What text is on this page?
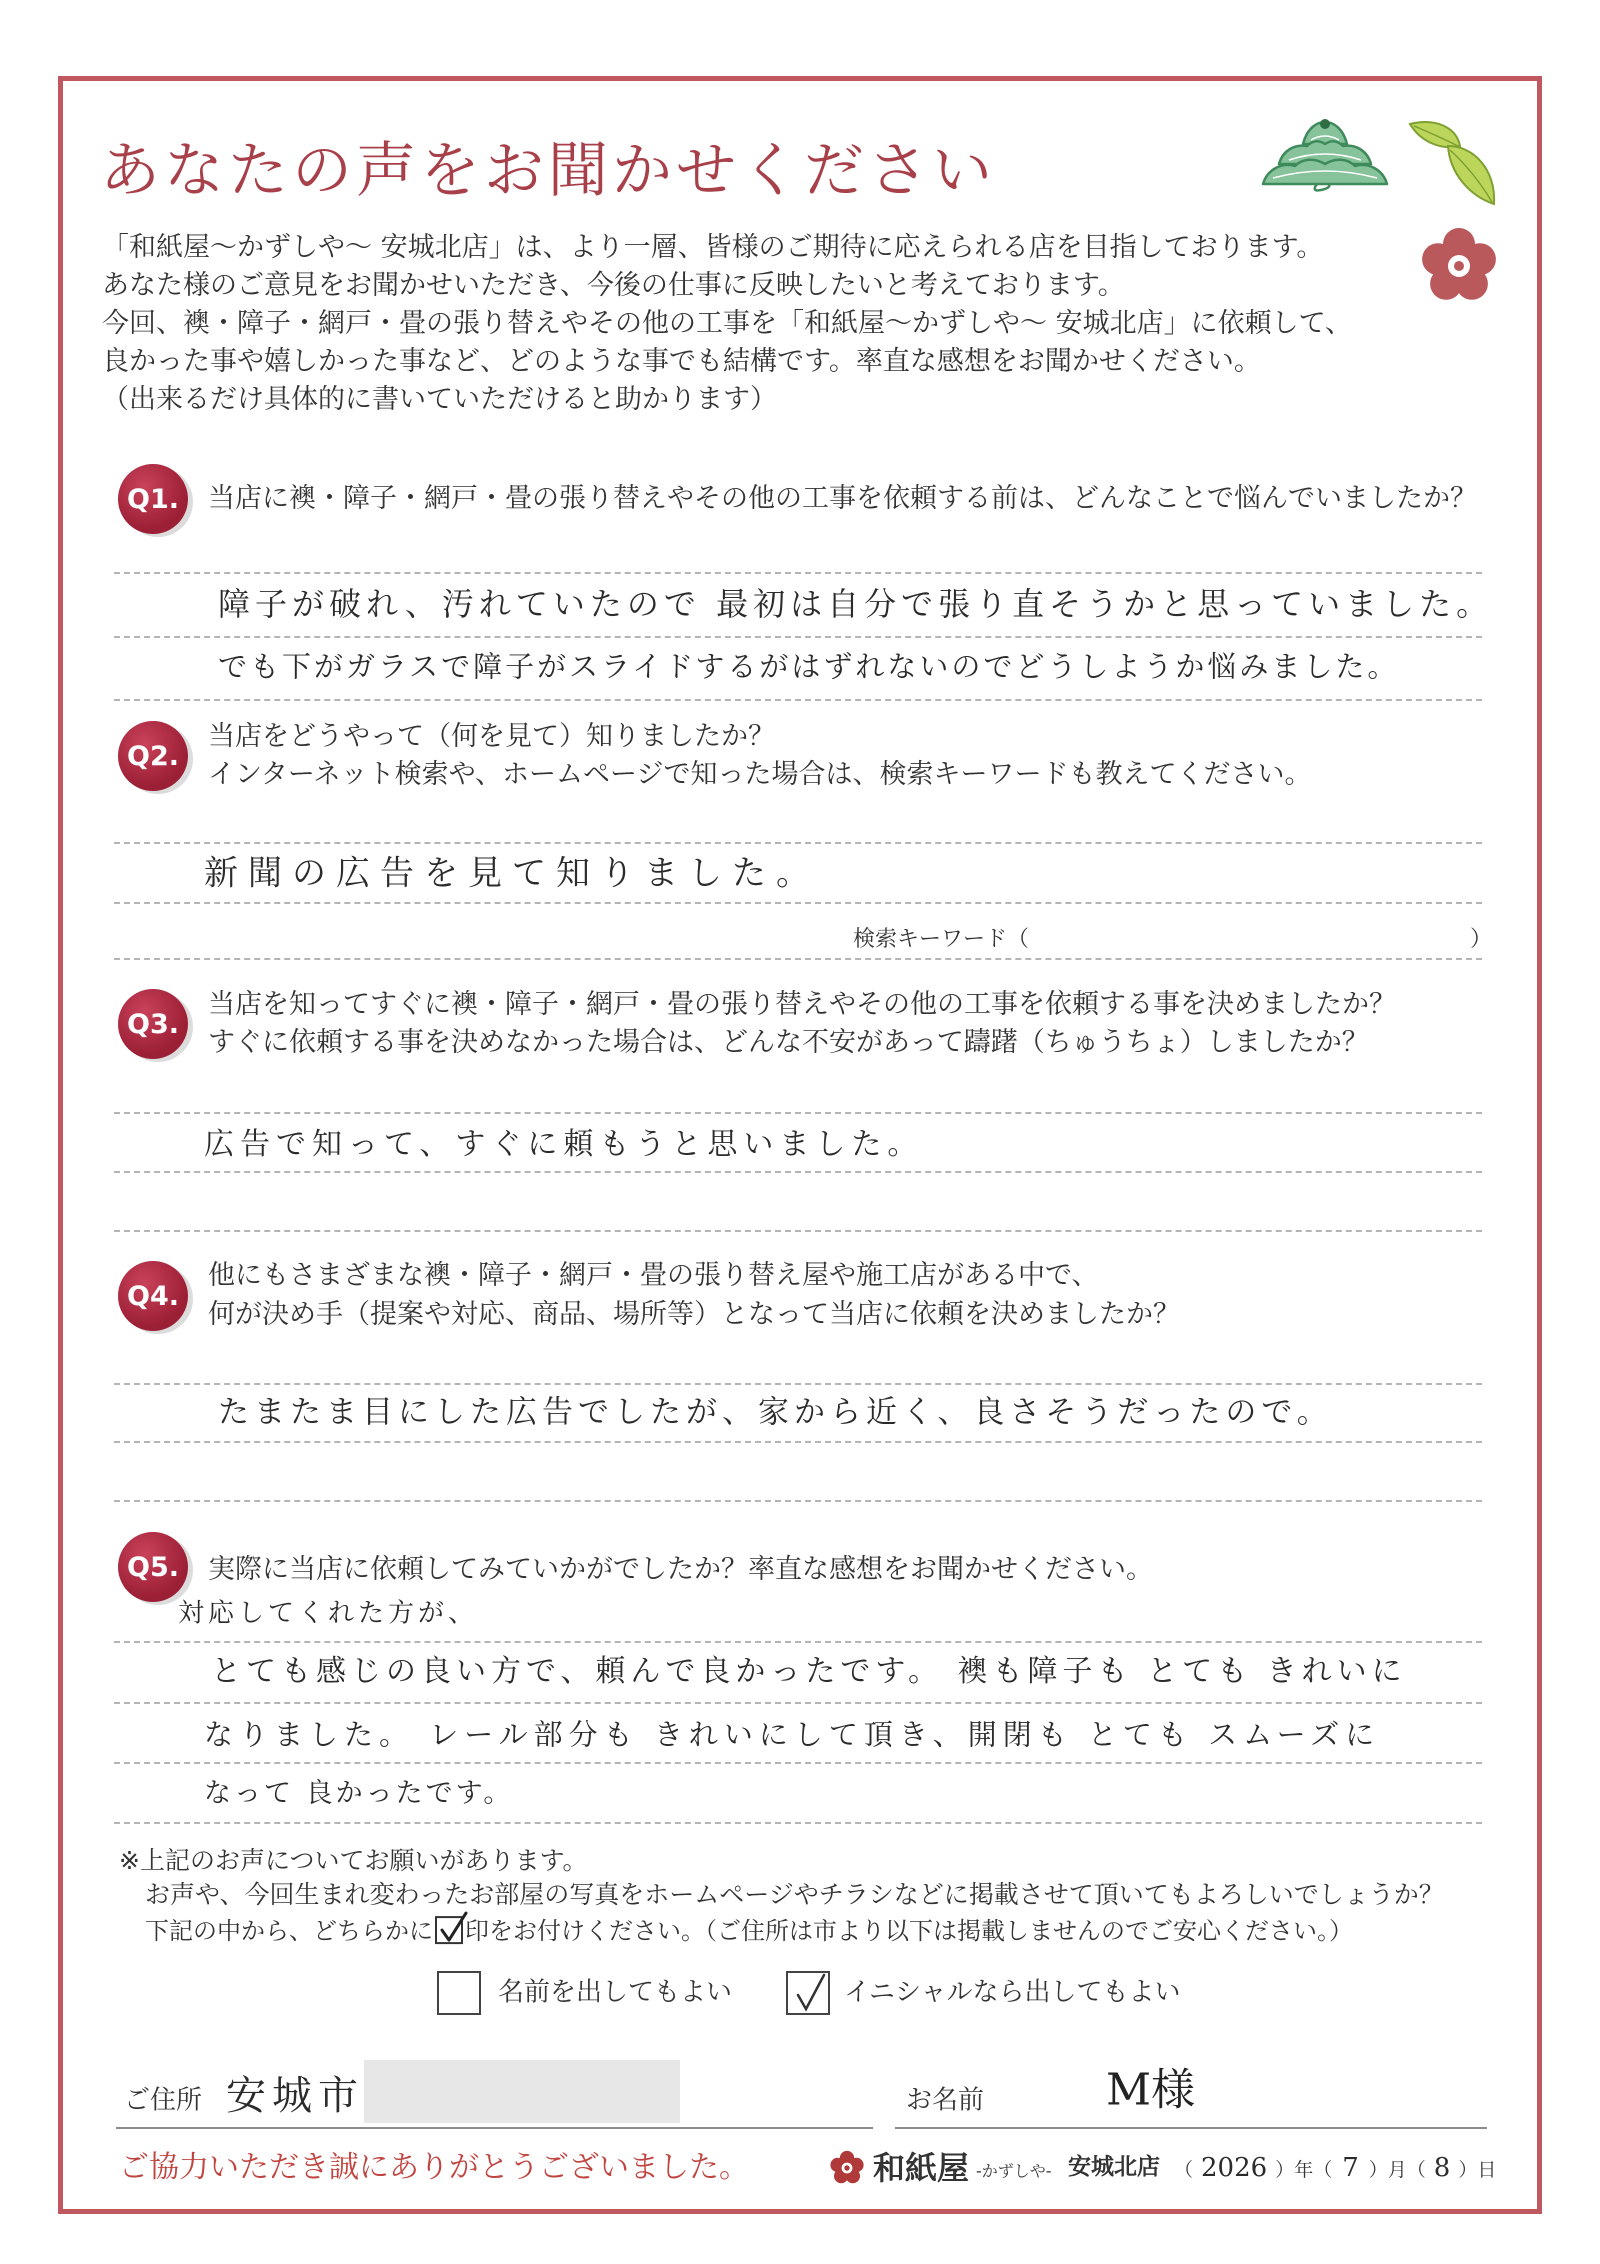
あなたの声をお聞かせください
「和紙屋〜かずしや〜 安城北店」は、より一層、皆様のご期待に応えられる店を目指しております。
あなた様のご意見をお聞かせいただき、今後の仕事に反映したいと考えております。
今回、襖・障子・網戸・畳の張り替えやその他の工事を「和紙屋〜かずしや〜 安城北店」に依頼して、
良かった事や嬉しかった事など、どのような事でも結構です。率直な感想をお聞かせください。
（出来るだけ具体的に書いていただけると助かります）
Q1.	当店に襖・障子・網戸・畳の張り替えやその他の工事を依頼する前は、どんなことで悩んでいましたか？
障子が破れ、汚れていたので 最初は自分で張り直そうかと思っていました。
でも下がガラスで障子がスライドするがはずれないのでどうしようか悩みました。
Q2.
当店をどうやって（何を見て）知りましたか？
インターネット検索や、ホームページで知った場合は、検索キーワードも教えてください。
新聞の広告を見て知りました。
検索キーワード（	）
Q3.
当店を知ってすぐに襖・障子・網戸・畳の張り替えやその他の工事を依頼する事を決めましたか？
すぐに依頼する事を決めなかった場合は、どんな不安があって躊躇（ちゅうちょ）しましたか？
広告で知って、すぐに頼もうと思いました。
Q4.
他にもさまざまな襖・障子・網戸・畳の張り替え屋や施工店がある中で、
何が決め手（提案や対応、商品、場所等）となって当店に依頼を決めましたか？
たまたま目にした広告でしたが、家から近く、良さそうだったので。
Q5.	実際に当店に依頼してみていかがでしたか？率直な感想をお聞かせください。
対応してくれた方が、
とても感じの良い方で、頼んで良かったです。 襖も障子も とても きれいに
なりました。 レール部分も きれいにして頂き、開閉も とても スムーズに
なって 良かったです。
※上記のお声についてお願いがあります。
お声や、今回生まれ変わったお部屋の写真をホームページやチラシなどに掲載させて頂いてもよろしいでしょうか？
下記の中から、どちらかに 印をお付けください。（ご住所は市より以下は掲載しませんのでご安心ください。）
名前を出してもよい	イニシャルなら出してもよい
ご住所 安城市	お名前	M様
ご協力いただき誠にありがとうございました。	和紙屋 -かずしや- 安城北店 （ 2026 ）年（ 7 ）月（ 8 ）日
